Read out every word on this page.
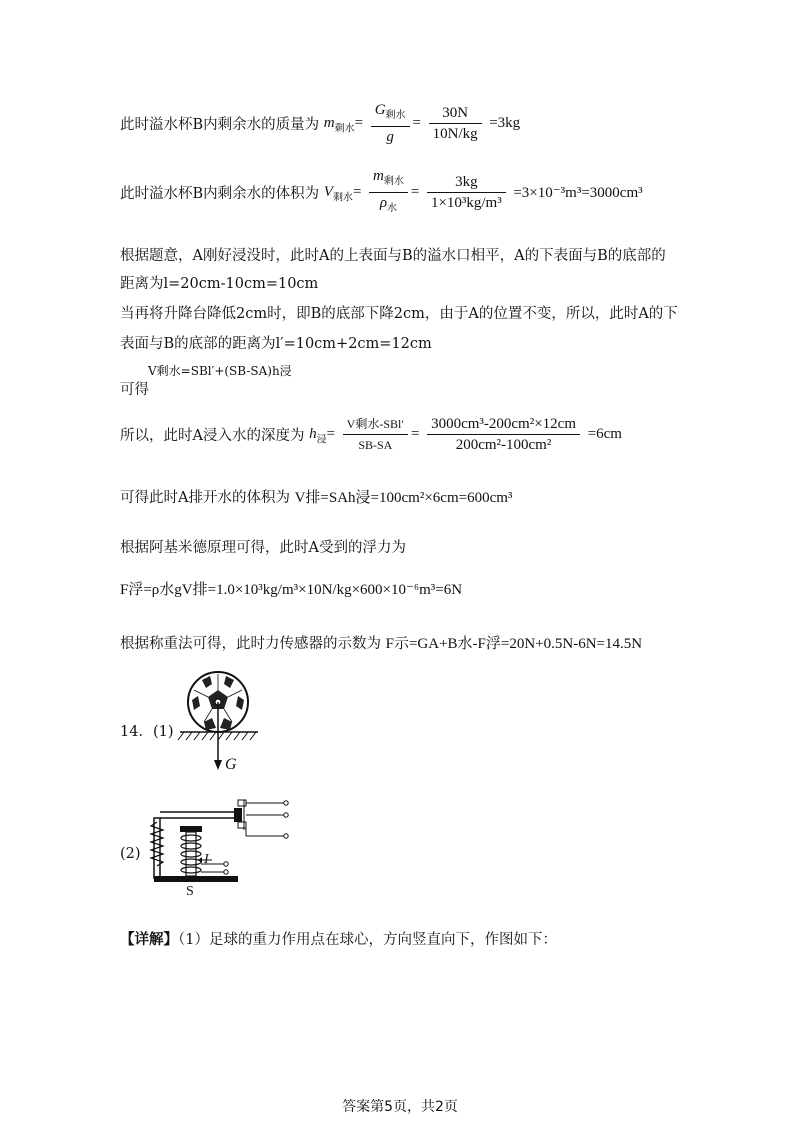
此时溢水杯B内剩余水的质量为 $m_{剩水}= \frac{G_{剩水}}{g} = \frac{30N}{10N/kg} =3kg$
此时溢水杯B内剩余水的体积为 $V_{剩水}= \frac{m_{剩水}}{\rho_水} = \frac{3kg}{\text{1×10³kg/m³}} =3\times 10^{-3}m^3=3000cm^3$
根据题意，A刚好浸没时，此时A的上表面与B的溢水口相平，A的下表面与B的底部的
距离为l=20cm-10cm=10cm
当再将升降台降低2cm时，即B的底部下降2cm，由于A的位置不变，所以，此时A的下
表面与B的底部的距离为l′=10cm+2cm=12cm
V剩水=SBl′+(SB-SA)h浸
可得
所以，此时A浸入水的深度为 $h_浸= \frac{\text{V剩水-SBl′}}{SB-SA} = \frac{\text{3000cm³-200cm²×12cm}}{\text{200cm²-100cm²}} =6cm$
可得此时A排开水的体积为 V排=SAh浸=100cm²×6cm=600cm³
根据阿基米德原理可得，此时A受到的浮力为
F浮=ρ水gV排=1.0×10³kg/m³×10N/kg×600×10⁻⁶m³=6N
根据称重法可得，此时力传感器的示数为 F示=GA+B水-F浮=20N+0.5N-6N=14.5N
14．(1)
G
(2)	I
S
【详解】（1）足球的重力作用点在球心，方向竖直向下，作图如下：
答案第5页，共2页
